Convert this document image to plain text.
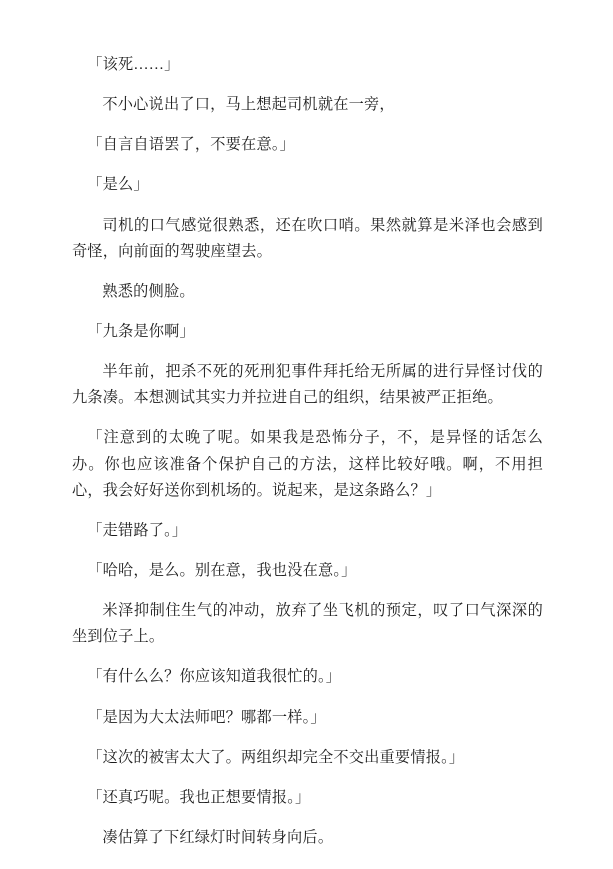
「该死……」

不小心说出了口，马上想起司机就在一旁，

「自言自语罢了，不要在意。」

「是么」

司机的口气感觉很熟悉，还在吹口哨。果然就算是米泽也会感到奇怪，向前面的驾驶座望去。

熟悉的侧脸。

「九条是你啊」

半年前，把杀不死的死刑犯事件拜托给无所属的进行异怪讨伐的九条凑。本想测试其实力并拉进自己的组织，结果被严正拒绝。

「注意到的太晚了呢。如果我是恐怖分子，不，是异怪的话怎么办。你也应该准备个保护自己的方法，这样比较好哦。啊，不用担心，我会好好送你到机场的。说起来，是这条路么？」

「走错路了。」

「哈哈，是么。别在意，我也没在意。」

米泽抑制住生气的冲动，放弃了坐飞机的预定，叹了口气深深的坐到位子上。

「有什么么？你应该知道我很忙的。」

「是因为大太法师吧？哪都一样。」

「这次的被害太大了。两组织却完全不交出重要情报。」

「还真巧呢。我也正想要情报。」

凑估算了下红绿灯时间转身向后。
